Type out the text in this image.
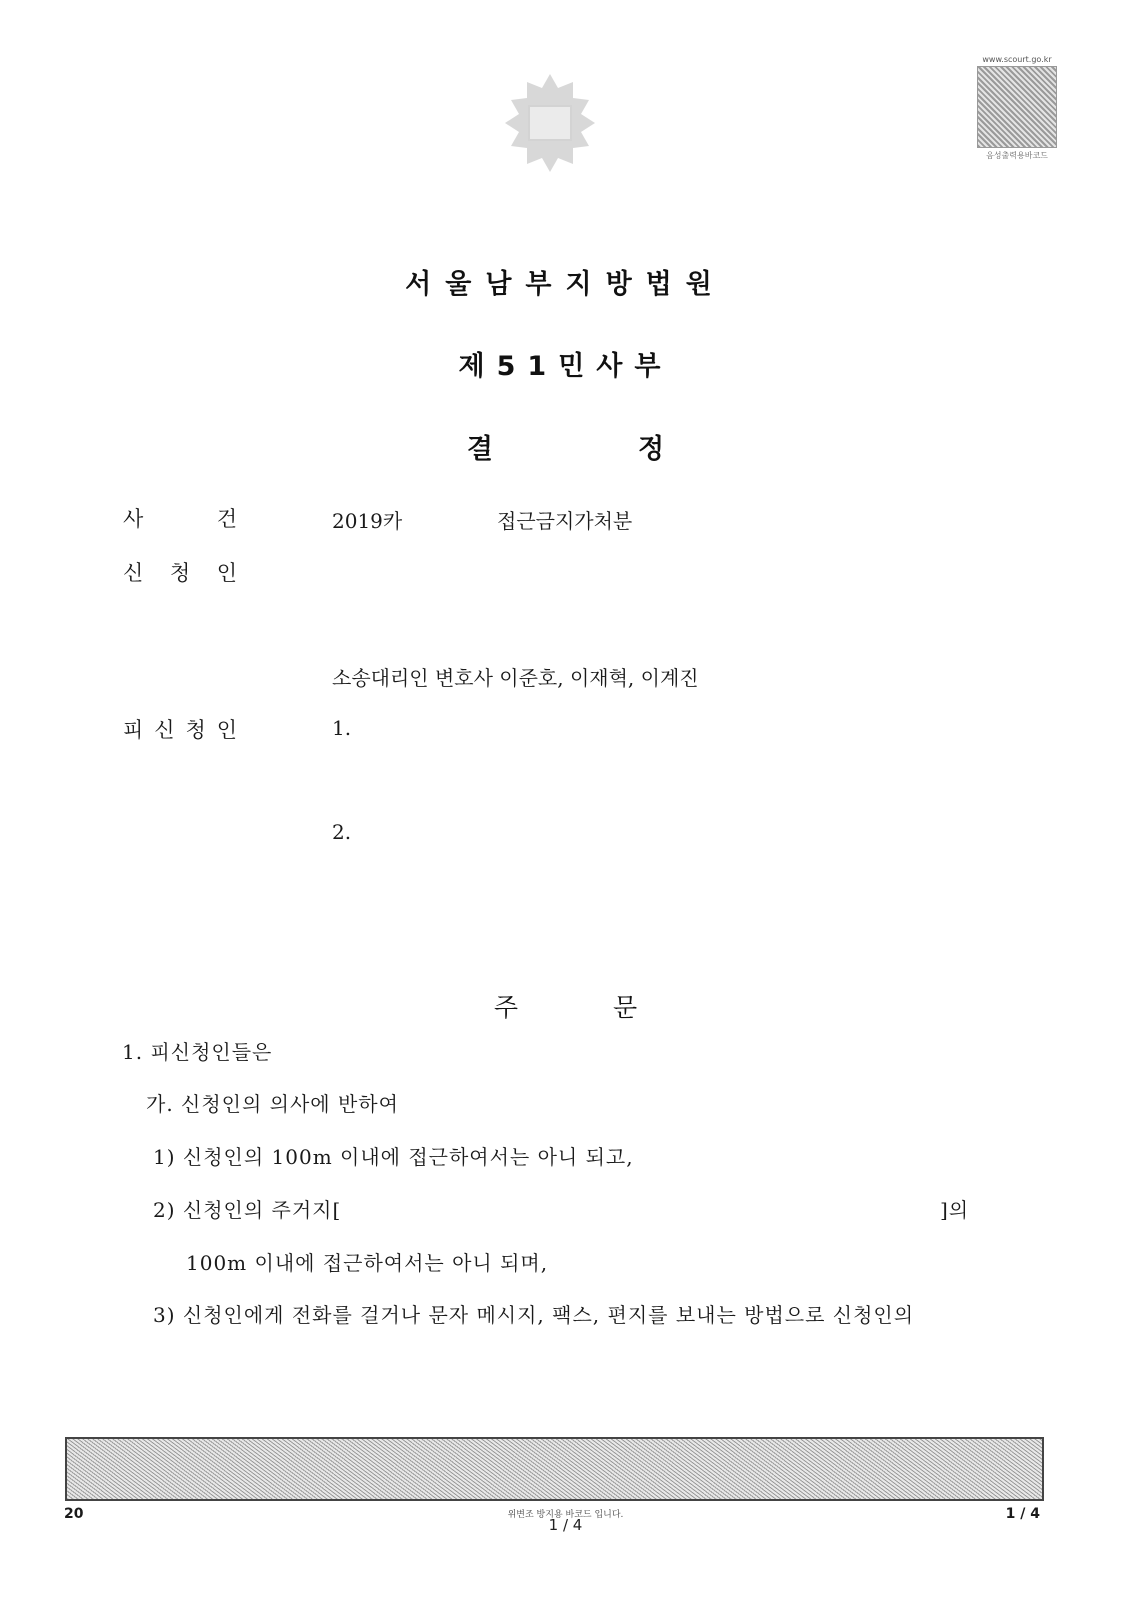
www.scourt.go.kr
음성출력용바코드
서울남부지방법원
제51민사부
결정
사	건	2019카	접근금지가처분
신 청 인
소송대리인 변호사 이준호, 이재혁, 이계진
피 신 청 인	1.
2.
주문
1. 피신청인들은
가. 신청인의 의사에 반하여
1) 신청인의 100m 이내에 접근하여서는 아니 되고,
2) 신청인의 주거지[	]의
100m 이내에 접근하여서는 아니 되며,
3) 신청인에게 전화를 걸거나 문자 메시지, 팩스, 편지를 보내는 방법으로 신청인의
20	위변조 방지용 바코드 입니다.
1 / 4
1 / 4
